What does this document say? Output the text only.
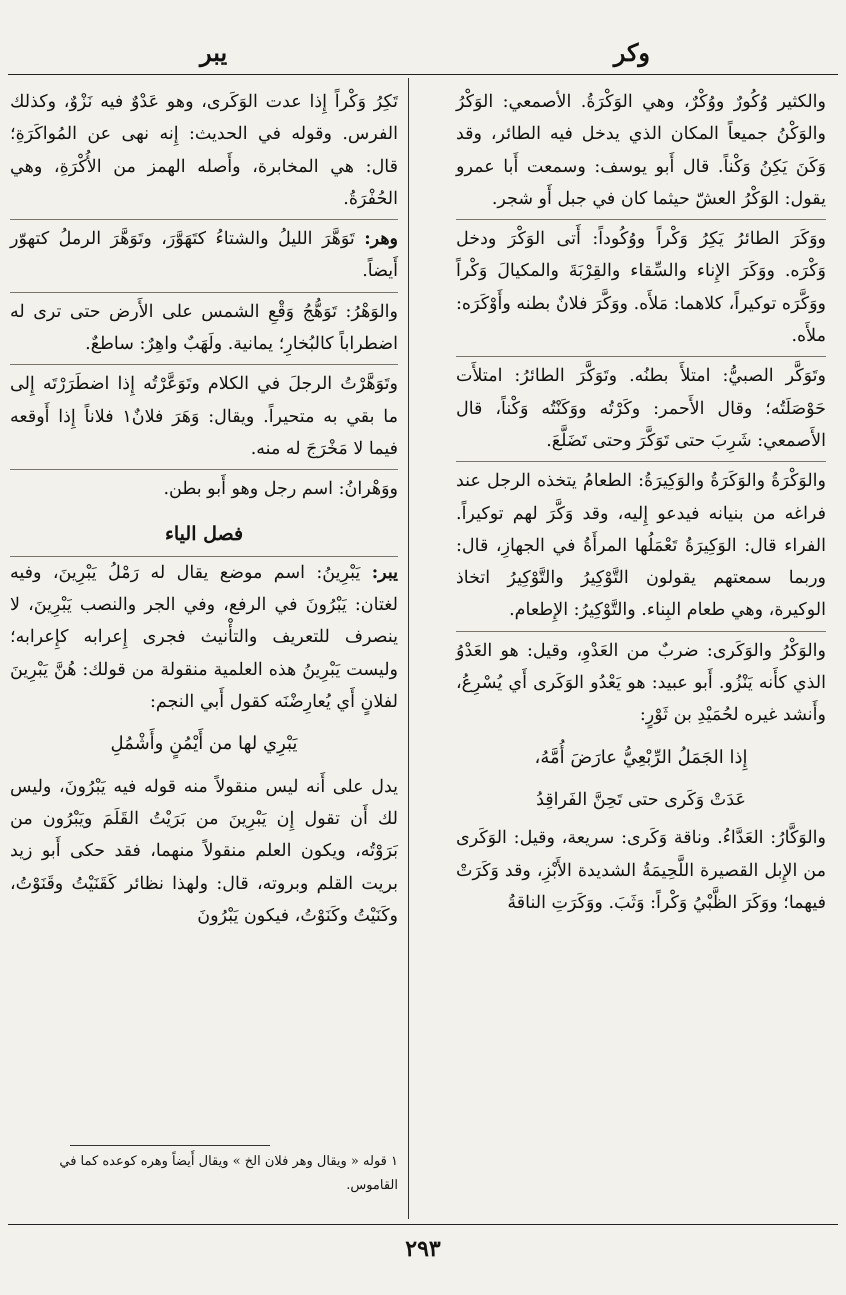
وكر
يبر

والكثير وُكُورٌ ووُكْرٌ، وهي الوَكْرَةُ. الأصمعي: الوَكْرُ والوَكْنُ جميعاً المكان الذي يدخل فيه الطائر، وقد وَكَنَ يَكِنُ وَكْناً. قال أَبو يوسف: وسمعت أَبا عمرو يقول: الوَكْرُ العشّ حيثما كان في جبل أَو شجر.

ووَكَرَ الطائرُ يَكِرُ وَكْراً ووُكُوداً: أَتى الوَكْرَ ودخل وَكْرَه. ووَكَرَ الإِناء والسِّقاء والقِرْبَةَ والمكيالَ وَكْراً ووَكَّرَه توكيراً، كلاهما: مَلأَه. ووَكَّرَ فلانٌ بطنه وأَوْكَرَه: ملأَه.

وتَوَكَّر الصبيُّ: امتلأَ بطنُه. وتَوَكَّرَ الطائرُ: امتلأَت حَوْصَلَتُه؛ وقال الأَحمر: وكَرْتُه ووَكَنْتُه وَكْناً، قال الأَصمعي: شَرِبَ حتى تَوَكَّرَ وحتى تَضَلَّعَ.

والوَكْرَةُ والوَكَرَةُ والوَكِيرَةُ: الطعامُ يتخذه الرجل عند فراغه من بنيانه فيدعو إِليه، وقد وَكَّرَ لهم توكيراً. الفراء قال: الوَكِيرَةُ تَعْمَلُها المرأَةُ في الجهازِ، قال: وربما سمعتهم يقولون التَّوْكِيرُ والتَّوْكِيرُ اتخاذ الوكيرة، وهي طعام البِناء. والتَّوْكِيرُ: الإِطعام.

والوَكْرُ والوَكَرى: ضربٌ من العَدْوِ، وقيل: هو العَدْوُ الذي كأَنه يَنْزُو. أَبو عبيد: هو يَعْدُو الوَكَرى أَي يُسْرِعُ، وأَنشد غيره لحُمَيْدِ بن ثَوْرٍ:

إِذا الجَمَلُ الرِّبْعِيُّ عارَضَ أُمَّهُ،
عَدَتْ وَكَرى حتى تَحِنَّ الفَراقِدُ

والوَكَّارُ: العَدَّاءُ. وناقة وَكَرى: سريعة، وقيل: الوَكَرى من الإِبل القصيرة اللَّحِيمَةُ الشديدة الأَبْزِ، وقد وَكَرَتْ فيهما؛ ووَكَرَ الظَّبْيُ وَكْراً: وَثَبَ. ووَكَرَتِ الناقةُ

تَكِرُ وَكْراً إِذا عدت الوَكَرى، وهو عَدْوٌ فيه نَزْوٌ، وكذلك الفرس. وقوله في الحديث: إِنه نهى عن المُواكَرَةِ؛ قال: هي المخابرة، وأَصله الهمز من الأُكْرَةِ، وهي الحُفْرَةُ.

وهر: تَوَهَّرَ الليلُ والشتاءُ كتَهَوَّرَ، وتَوَهَّرَ الرملُ كتهوّر أَيضاً.

والوَهْرُ: تَوَهُّجُ وَقْعِ الشمس على الأَرض حتى ترى له اضطراباً كالبُخارِ؛ يمانية. ولَهَبٌ واهِرٌ: ساطعٌ.

وتَوَهَّرْتُ الرجلَ في الكلام وتَوَعَّرْتُه إِذا اضطَرَرْتَه إِلى ما بقي به متحيراً. ويقال: وَهَرَ فلانٌ١ فلاناً إِذا أَوقعه فيما لا مَخْرَجَ له منه.

ووَهْرانُ: اسم رجل وهو أَبو بطن.

فصل الياء

يبر: يَبْرِينُ: اسم موضع يقال له رَمْلُ يَبْرِينَ، وفيه لغتان: يَبْرُونَ في الرفع، وفي الجر والنصب يَبْرِينَ، لا ينصرف للتعريف والتأْنيث فجرى إِعرابه كإِعرابه؛ وليست يَبْرِينُ هذه العلمية منقولة من قولك: هُنَّ يَبْرِينَ لفلانٍ أَي يُعارِضْنَه كقول أَبي النجم:

يَبْرِي لها من أَيْمُنٍ وأَشْمُلِ

يدل على أَنه ليس منقولاً منه قوله فيه يَبْرُونَ، وليس لك أَن تقول إِن يَبْرِينَ من بَرَيْتُ القَلَمَ ويَبْرُون من بَرَوْتُه، ويكون العلم منقولاً منهما، فقد حكى أَبو زيد بريت القلم وبروته، قال: ولهذا نظائر كَقَنَيْتُ وقَنَوْتُ، وكَنَيْتُ وكَنَوْتُ، فيكون يَبْرُونَ

١ قوله « ويقال وهر فلان الخ » ويقال أَيضاً وهره كوعده كما في القاموس.
٢٩٣
